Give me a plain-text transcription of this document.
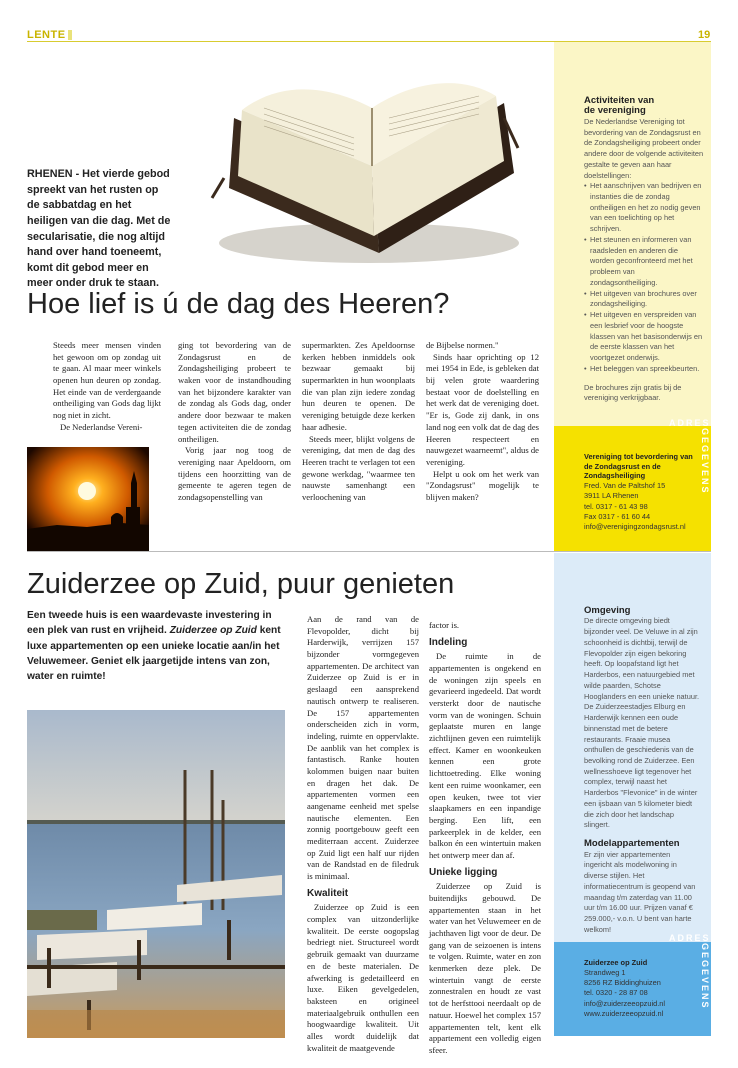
LENTE	19
Activiteiten van
de vereniging
De Nederlandse Vereniging tot bevordering van de Zondagsrust en de Zondagsheiliging probeert onder andere door de volgende activiteiten gestalte te geven aan haar doelstellingen:
• Het aanschrijven van bedrijven en instanties die de zondag ontheiligen en het zo nodig geven van een toelichting op het schrijven.
• Het steunen en informeren van raadsleden en anderen die worden geconfronteerd met het probleem van zondagsontheiliging.
• Het uitgeven van brochures over zondagsheiliging.
• Het uitgeven en verspreiden van een lesbrief voor de hoogste klassen van het basisonderwijs en de eerste klassen van het voortgezet onderwijs.
• Het beleggen van spreekbeurten.
De brochures zijn gratis bij de vereniging verkrijgbaar.
ADRES
GEGEVENS
Vereniging tot bevordering van de Zondagsrust en de Zondagsheiliging
Fred. Van de Paltshof 15
3911 LA Rhenen
tel. 0317 - 61 43 98
Fax 0317 - 61 60 44
info@verenigingzondagsrust.nl
RHENEN - Het vierde gebod spreekt van het rusten op de sabbatdag en het heiligen van die dag. Met de secularisatie, die nog altijd hand over hand toeneemt, komt dit gebod meer en meer onder druk te staan.
Hoe lief is ú de dag des Heeren?

Steeds meer mensen vinden het gewoon om op zondag uit te gaan. Al maar meer winkels openen hun deuren op zondag. Het einde van de verdergaande ontheiliging van Gods dag lijkt nog niet in zicht.

De Nederlandse Vereni-

ging tot bevordering van de Zondagsrust en de Zondagsheiliging probeert te waken voor de instandhouding van het bijzondere karakter van de zondag als Gods dag, onder andere door bezwaar te maken tegen activiteiten die de zondag ontheiligen.

Vorig jaar nog toog de vereniging naar Apeldoorn, om tijdens een hoorzitting van de gemeente te ageren tegen de zondagsopenstelling van

supermarkten. Zes Apeldoornse kerken hebben inmiddels ook bezwaar gemaakt bij supermarkten in hun woonplaats die van plan zijn iedere zondag hun deuren te openen. De vereniging betuigde deze kerken haar adhesie.

Steeds meer, blijkt volgens de vereniging, dat men de dag des Heeren tracht te verlagen tot een gewone werkdag, "waarmee ten nauwste samenhangt een verloochening van

de Bijbelse normen."

Sinds haar oprichting op 12 mei 1954 in Ede, is gebleken dat bij velen grote waardering bestaat voor de doelstelling en het werk dat de vereniging doet. "Er is, Gode zij dank, in ons land nog een volk dat de dag des Heeren respecteert en nauwgezet waarneemt", aldus de vereniging.

Helpt u ook om het werk van "Zondagsrust" mogelijk te blijven maken?

Zuiderzee op Zuid, puur genieten
Een tweede huis is een waardevaste investering in een plek van rust en vrijheid. Zuiderzee op Zuid kent luxe appartementen op een unieke locatie aan/in het Veluwemeer. Geniet elk jaargetijde intens van zon, water en ruimte!

Aan de rand van de Flevopolder, dicht bij Harderwijk, verrijzen 157 bijzonder vormgegeven appartementen. De architect van Zuiderzee op Zuid is er in geslaagd een aansprekend nautisch ontwerp te realiseren. De 157 appartementen onderscheiden zich in vorm, indeling, ruimte en oppervlakte. De aanblik van het complex is fantastisch. Ranke houten kolommen buigen naar buiten en dragen het dak. De appartementen vormen een aangename eenheid met spelse nautische elementen. Een zonnig poortgebouw geeft een mediterraan accent. Zuiderzee op Zuid ligt een half uur rijden van de Randstad en de filedruk is minimaal.

Kwaliteit

Zuiderzee op Zuid is een complex van uitzonderlijke kwaliteit. De eerste oogopslag bedriegt niet. Structureel wordt gebruik gemaakt van duurzame en de beste materialen. De afwerking is gedetailleerd en luxe. Eiken gevelgedelen, baksteen en origineel materiaalgebruik onthullen een hoogwaardige kwaliteit. Uit alles wordt duidelijk dat kwaliteit de maatgevende

factor is.

Indeling

De ruimte in de appartementen is ongekend en de woningen zijn speels en gevarieerd ingedeeld. Dat wordt versterkt door de nautische vorm van de woningen. Schuin geplaatste muren en lange zichtlijnen geven een ruimtelijk effect. Kamer en woonkeuken kennen een grote lichttoetreding. Elke woning kent een ruime woonkamer, een open keuken, twee tot vier slaapkamers en een inpandige berging. Een lift, een parkeerplek in de kelder, een balkon én een wintertuin maken het ontwerp meer dan af.

Unieke ligging

Zuiderzee op Zuid is buitendijks gebouwd. De appartementen staan in het water van het Veluwemeer en de jachthaven ligt voor de deur. De gang van de seizoenen is intens te volgen. Ruimte, water en zon kenmerken deze plek. De wintertuin vangt de eerste zonnestralen en houdt ze vast tot de herfsttooi neerdaalt op de natuur. Hoewel het complex 157 appartementen telt, kent elk appartement een volledig eigen sfeer.

Omgeving
De directe omgeving biedt bijzonder veel. De Veluwe in al zijn schoonheid is dichtbij, terwijl de Flevopolder zijn eigen bekoring heeft. Op loopafstand ligt het Harderbos, een natuurgebied met wilde paarden, Schotse Hooglanders en een unieke natuur. De Zuiderzeestadjes Elburg en Harderwijk kennen een oude binnenstad met de betere restaurants. Fraaie musea onthullen de geschiedenis van de bevolking rond de Zuiderzee. Een wellnesshoeve ligt tegenover het complex, terwijl naast het Harderbos "Flevonice" in de winter een ijsbaan van 5 kilometer biedt die zich door het landschap slingert.
Modelappartementen
Er zijn vier appartementen ingericht als modelwoning in diverse stijlen. Het informatiecentrum is geopend van maandag t/m zaterdag van 11.00 uur t/m 16.00 uur. Prijzen vanaf € 259.000,- v.o.n. U bent van harte welkom!
ADRES
GEGEVENS
Zuiderzee op Zuid
Strandweg 1
8256 RZ Biddinghuizen
tel. 0320 - 28 87 08
info@zuiderzeeopzuid.nl
www.zuiderzeeopzuid.nl
